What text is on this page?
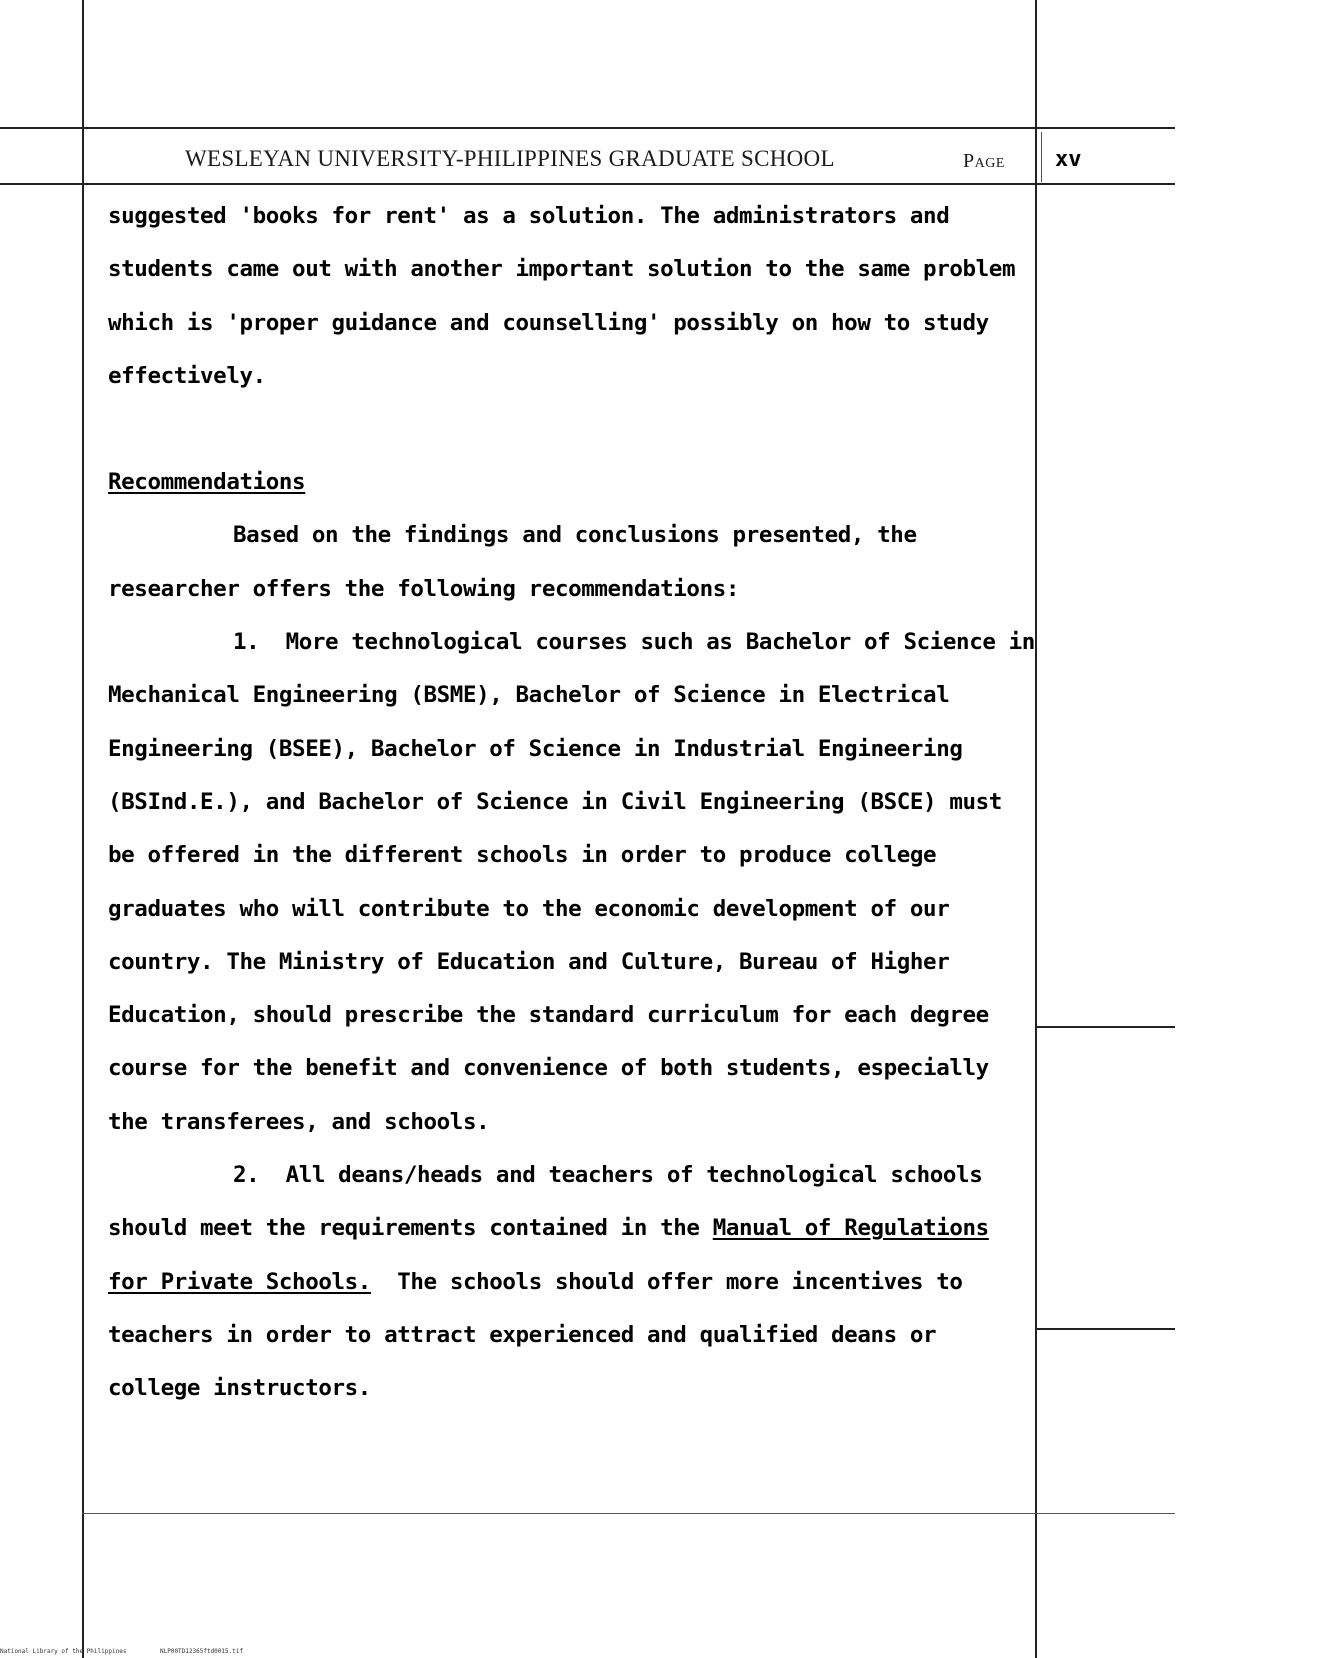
WESLEYAN UNIVERSITY-PHILIPPINES GRADUATE SCHOOL	Page xv

suggested 'books for rent' as a solution. The administrators and students came out with another important solution to the same problem which is 'proper guidance and counselling' possibly on how to study effectively.

Recommendations

Based on the findings and conclusions presented, the researcher offers the following recommendations:

1. More technological courses such as Bachelor of Science in Mechanical Engineering (BSME), Bachelor of Science in Electrical Engineering (BSEE), Bachelor of Science in Industrial Engineering (BSInd.E.), and Bachelor of Science in Civil Engineering (BSCE) must be offered in the different schools in order to produce college graduates who will contribute to the economic development of our country. The Ministry of Education and Culture, Bureau of Higher Education, should prescribe the standard curriculum for each degree course for the benefit and convenience of both students, especially the transferees, and schools.

2. All deans/heads and teachers of technological schools should meet the requirements contained in the Manual of Regulations for Private Schools. The schools should offer more incentives to teachers in order to attract experienced and qualified deans or college instructors.

National Library of the Philippines	NLP00TD12365ftd0015.tif
